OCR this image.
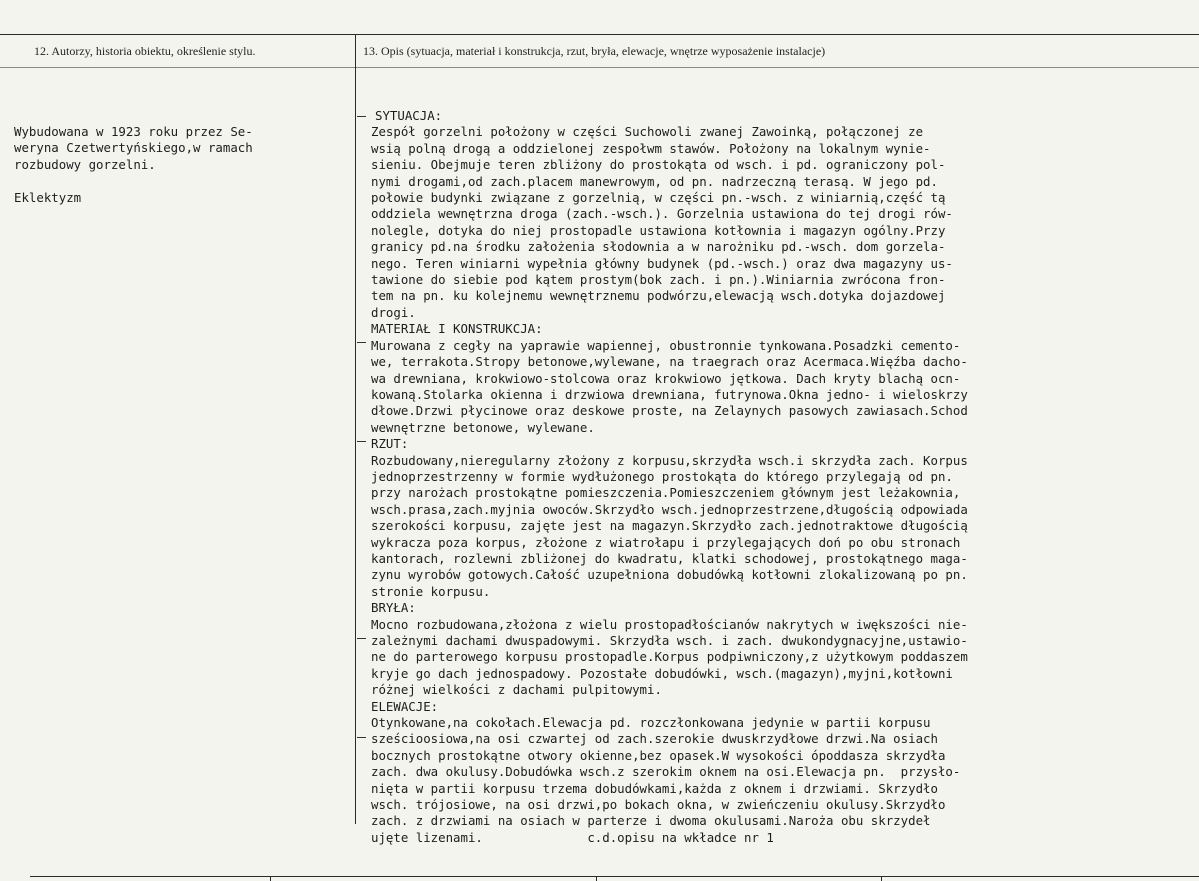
12. Autorzy, historia obiektu, określenie stylu.	13. Opis (sytuacja, materiał i konstrukcja, rzut, bryła, elewacje, wnętrze wyposażenie instalacje)

Wybudowana w 1923 roku przez Se-

weryna Czetwertyńskiego,w ramach

rozbudowy gorzelni.

Eklektyzm

SYTUACJA:

Zespół gorzelni położony w części Suchowoli zwanej Zawoinką, połączonej ze

wsią polną drogą a oddzielonej zespołwm stawów. Położony na lokalnym wynie-

sieniu. Obejmuje teren zbliżony do prostokąta od wsch. i pd. ograniczony pol-

nymi drogami,od zach.placem manewrowym, od pn. nadrzeczną terasą. W jego pd.

połowie budynki związane z gorzelnią, w części pn.-wsch. z winiarnią,część tą

oddziela wewnętrzna droga (zach.-wsch.). Gorzelnia ustawiona do tej drogi rów-

nolegle, dotyka do niej prostopadle ustawiona kotłownia i magazyn ogólny.Przy

granicy pd.na środku założenia słodownia a w narożniku pd.-wsch. dom gorzela-

nego. Teren winiarni wypełnia główny budynek (pd.-wsch.) oraz dwa magazyny us-

tawione do siebie pod kątem prostym(bok zach. i pn.).Winiarnia zwrócona fron-

tem na pn. ku kolejnemu wewnętrznemu podwórzu,elewacją wsch.dotyka dojazdowej

drogi.

MATERIAŁ I KONSTRUKCJA:

Murowana z cegły na yaprawie wapiennej, obustronnie tynkowana.Posadzki cemento-

we, terrakota.Stropy betonowe,wylewane, na traegrach oraz Acermaca.Więźba dacho-

wa drewniana, krokwiowo-stolcowa oraz krokwiowo jętkowa. Dach kryty blachą ocn-

kowaną.Stolarka okienna i drzwiowa drewniana, futrynowa.Okna jedno- i wieloskrzy

dłowe.Drzwi płycinowe oraz deskowe proste, na Zelaynych pasowych zawiasach.Schod

wewnętrzne betonowe, wylewane.

RZUT:

Rozbudowany,nieregularny złożony z korpusu,skrzydła wsch.i skrzydła zach. Korpus

jednoprzestrzenny w formie wydłużonego prostokąta do którego przylegają od pn.

przy narożach prostokątne pomieszczenia.Pomieszczeniem głównym jest leżakownia,

wsch.prasa,zach.myjnia owoców.Skrzydło wsch.jednoprzestrzene,długością odpowiada

szerokości korpusu, zajęte jest na magazyn.Skrzydło zach.jednotraktowe długością

wykracza poza korpus, złożone z wiatrołapu i przylegających doń po obu stronach

kantorach, rozlewni zbliżonej do kwadratu, klatki schodowej, prostokątnego maga-

zynu wyrobów gotowych.Całość uzupełniona dobudówką kotłowni zlokalizowaną po pn.

stronie korpusu.

BRYŁA:

Mocno rozbudowana,złożona z wielu prostopadłościanów nakrytych w iwększości nie-

zależnymi dachami dwuspadowymi. Skrzydła wsch. i zach. dwukondygnacyjne,ustawio-

ne do parterowego korpusu prostopadle.Korpus podpiwniczony,z użytkowym poddaszem

kryje go dach jednospadowy. Pozostałe dobudówki, wsch.(magazyn),myjni,kotłowni

różnej wielkości z dachami pulpitowymi.

ELEWACJE:

Otynkowane,na cokołach.Elewacja pd. rozczłonkowana jedynie w partii korpusu

sześcioosiowa,na osi czwartej od zach.szerokie dwuskrzydłowe drzwi.Na osiach

bocznych prostokątne otwory okienne,bez opasek.W wysokości ópoddasza skrzydła

zach. dwa okulusy.Dobudówka wsch.z szerokim oknem na osi.Elewacja pn.  przysło-

nięta w partii korpusu trzema dobudówkami,każda z oknem i drzwiami. Skrzydło

wsch. trójosiowe, na osi drzwi,po bokach okna, w zwieńczeniu okulusy.Skrzydło

zach. z drzwiami na osiach w parterze i dwoma okulusami.Naroża obu skrzydeł

ujęte lizenami.              c.d.opisu na wkładce nr 1
